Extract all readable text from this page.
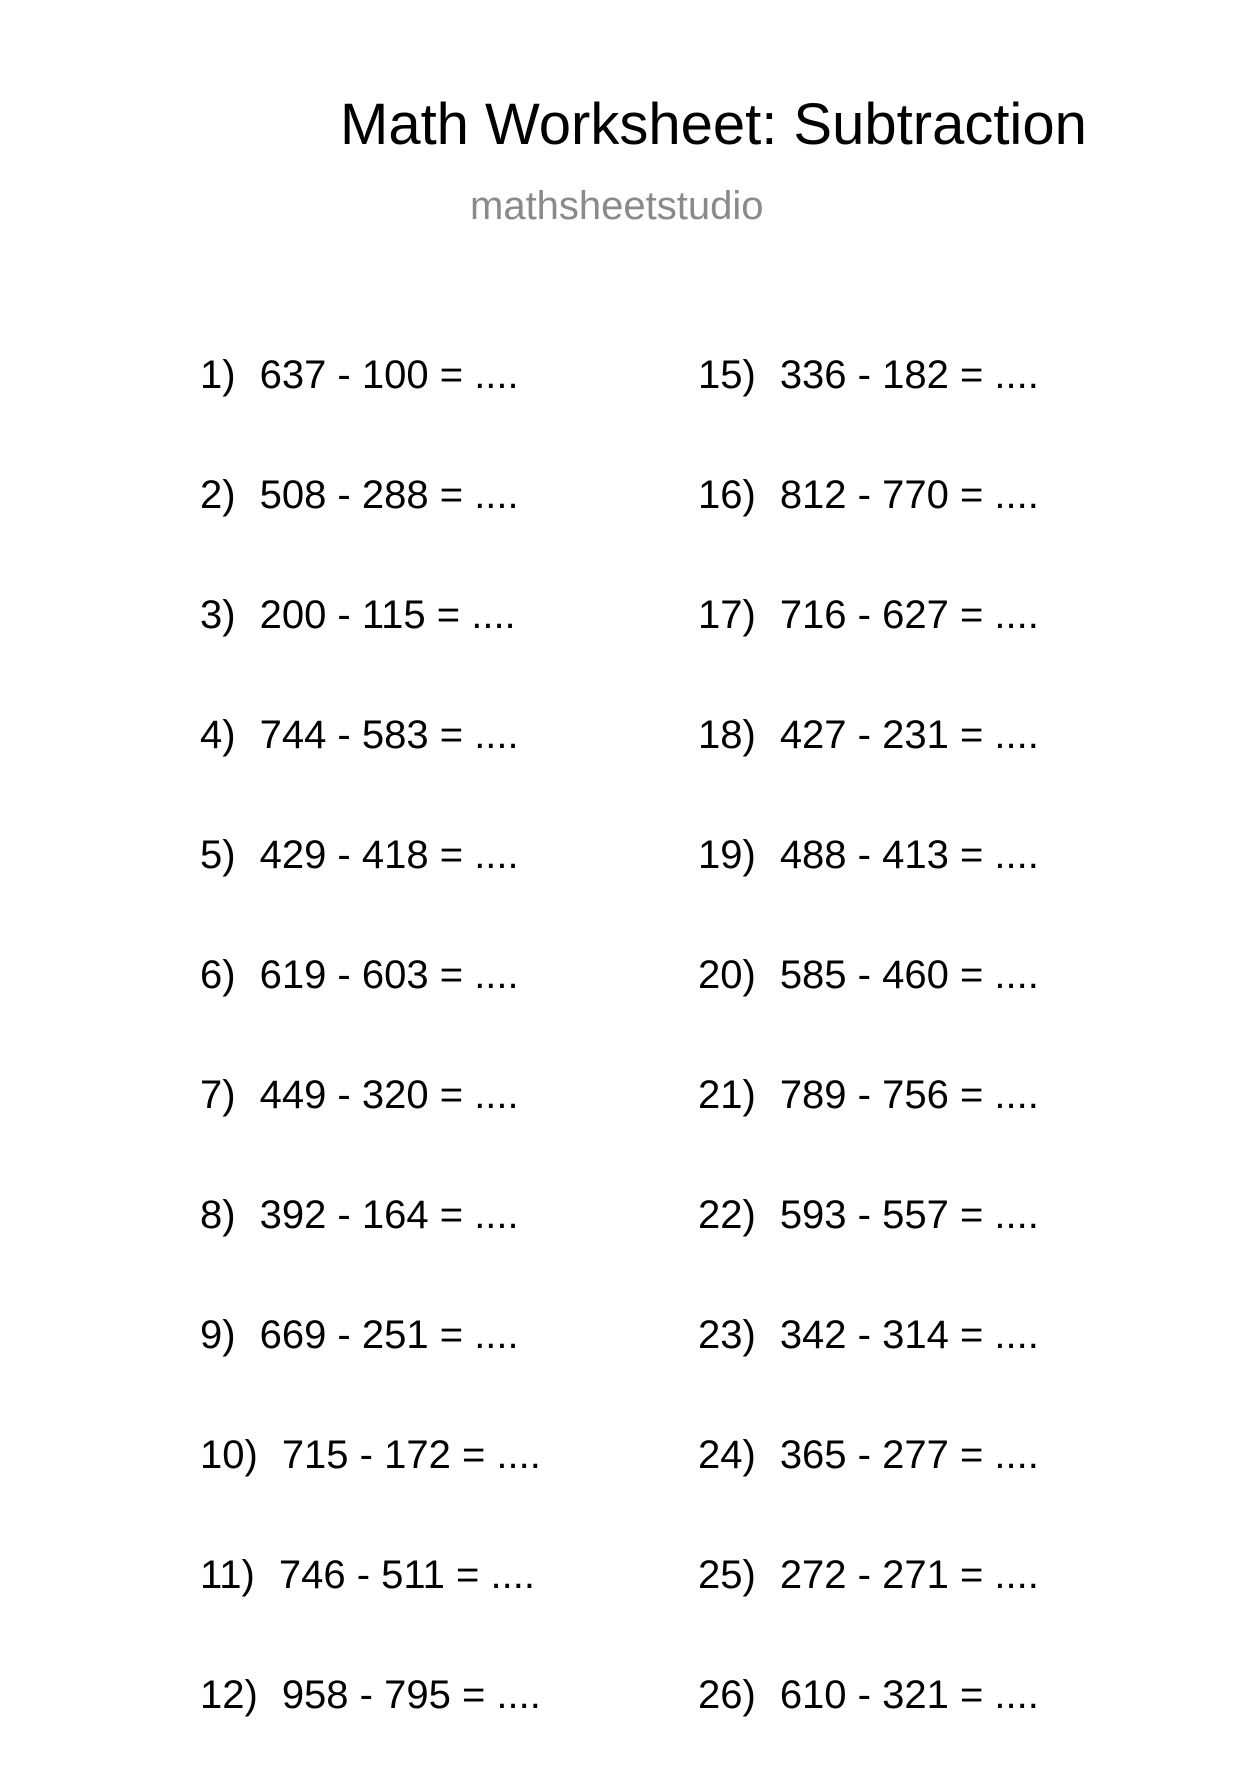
Math Worksheet: Subtraction
mathsheetstudio
1) 637 - 100 = ....
2) 508 - 288 = ....
3) 200 - 115 = ....
4) 744 - 583 = ....
5) 429 - 418 = ....
6) 619 - 603 = ....
7) 449 - 320 = ....
8) 392 - 164 = ....
9) 669 - 251 = ....
10) 715 - 172 = ....
11) 746 - 511 = ....
12) 958 - 795 = ....
15) 336 - 182 = ....
16) 812 - 770 = ....
17) 716 - 627 = ....
18) 427 - 231 = ....
19) 488 - 413 = ....
20) 585 - 460 = ....
21) 789 - 756 = ....
22) 593 - 557 = ....
23) 342 - 314 = ....
24) 365 - 277 = ....
25) 272 - 271 = ....
26) 610 - 321 = ....
